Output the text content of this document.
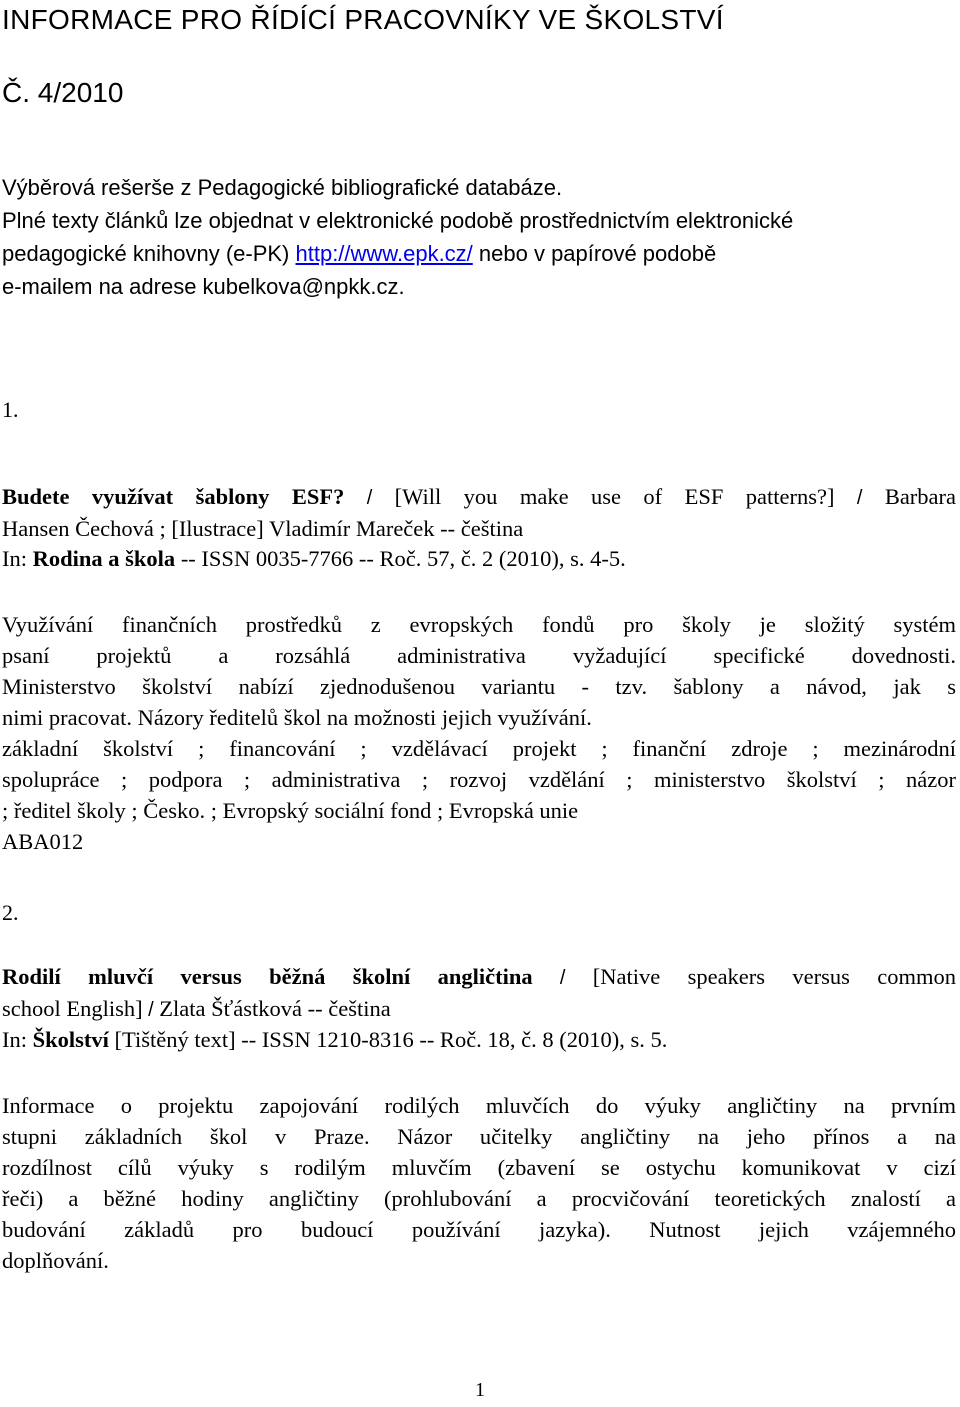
INFORMACE PRO ŘÍDÍCÍ PRACOVNÍKY VE ŠKOLSTVÍ
Č. 4/2010
Výběrová rešerše z Pedagogické bibliografické databáze.
Plné texty článků lze objednat v elektronické podobě prostřednictvím elektronické
pedagogické knihovny (e-PK) http://www.epk.cz/ nebo v papírové podobě
e-mailem na adrese kubelkova@npkk.cz.
1.
Budete využívat šablony ESF? / [Will you make use of ESF patterns?] / Barbara
Hansen Čechová ; [Ilustrace] Vladimír Mareček -- čeština
In: Rodina a škola -- ISSN 0035-7766 -- Roč. 57, č. 2 (2010), s. 4-5.
Využívání finančních prostředků z evropských fondů pro školy je složitý systém
psaní projektů a rozsáhlá administrativa vyžadující specifické dovednosti.
Ministerstvo školství nabízí zjednodušenou variantu - tzv. šablony a návod, jak s
nimi pracovat. Názory ředitelů škol na možnosti jejich využívání.
základní školství ; financování ; vzdělávací projekt ; finanční zdroje ; mezinárodní
spolupráce ; podpora ; administrativa ; rozvoj vzdělání ; ministerstvo školství ; názor
; ředitel školy ; Česko. ; Evropský sociální fond ; Evropská unie
ABA012
2.
Rodilí mluvčí versus běžná školní angličtina / [Native speakers versus common
school English] / Zlata Šťástková -- čeština
In: Školství [Tištěný text] -- ISSN 1210-8316 -- Roč. 18, č. 8 (2010), s. 5.
Informace o projektu zapojování rodilých mluvčích do výuky angličtiny na prvním
stupni základních škol v Praze. Názor učitelky angličtiny na jeho přínos a na
rozdílnost cílů výuky s rodilým mluvčím (zbavení se ostychu komunikovat v cizí
řeči) a běžné hodiny angličtiny (prohlubování a procvičování teoretických znalostí a
budování základů pro budoucí používání jazyka). Nutnost jejich vzájemného
doplňování.
1
